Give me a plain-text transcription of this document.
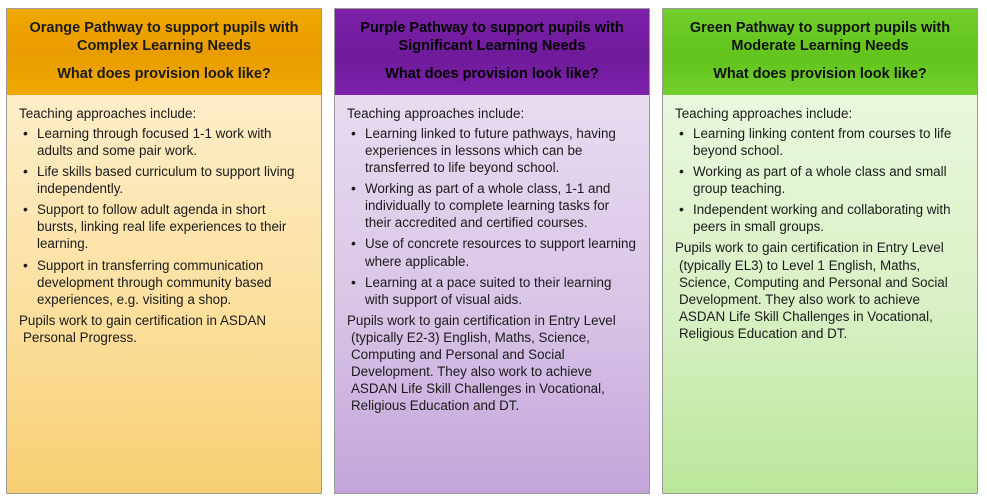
Orange Pathway to support pupils with Complex Learning Needs
What does provision look like?

Teaching approaches include:

• Learning through focused 1-1 work with adults and some pair work.
• Life skills based curriculum to support living independently.
• Support to follow adult agenda in short bursts, linking real life experiences to their learning.
• Support in transferring communication development through community based experiences, e.g. visiting a shop.

Pupils work to gain certification in ASDAN Personal Progress.

Purple Pathway to support pupils with Significant Learning Needs
What does provision look like?

Teaching approaches include:

• Learning linked to future pathways, having experiences in lessons which can be transferred to life beyond school.
• Working as part of a whole class, 1-1 and individually to complete learning tasks for their accredited and certified courses.
• Use of concrete resources to support learning where applicable.
• Learning at a pace suited to their learning with support of visual aids.

Pupils work to gain certification in Entry Level (typically E2-3) English, Maths, Science, Computing and Personal and Social Development. They also work to achieve ASDAN Life Skill Challenges in Vocational, Religious Education and DT.

Green Pathway to support pupils with Moderate Learning Needs
What does provision look like?

Teaching approaches include:

• Learning linking content from courses to life beyond school.
• Working as part of a whole class and small group teaching.
• Independent working and collaborating with peers in small groups.

Pupils work to gain certification in Entry Level (typically EL3) to Level 1 English, Maths, Science, Computing and Personal and Social Development. They also work to achieve ASDAN Life Skill Challenges in Vocational, Religious Education and DT.
